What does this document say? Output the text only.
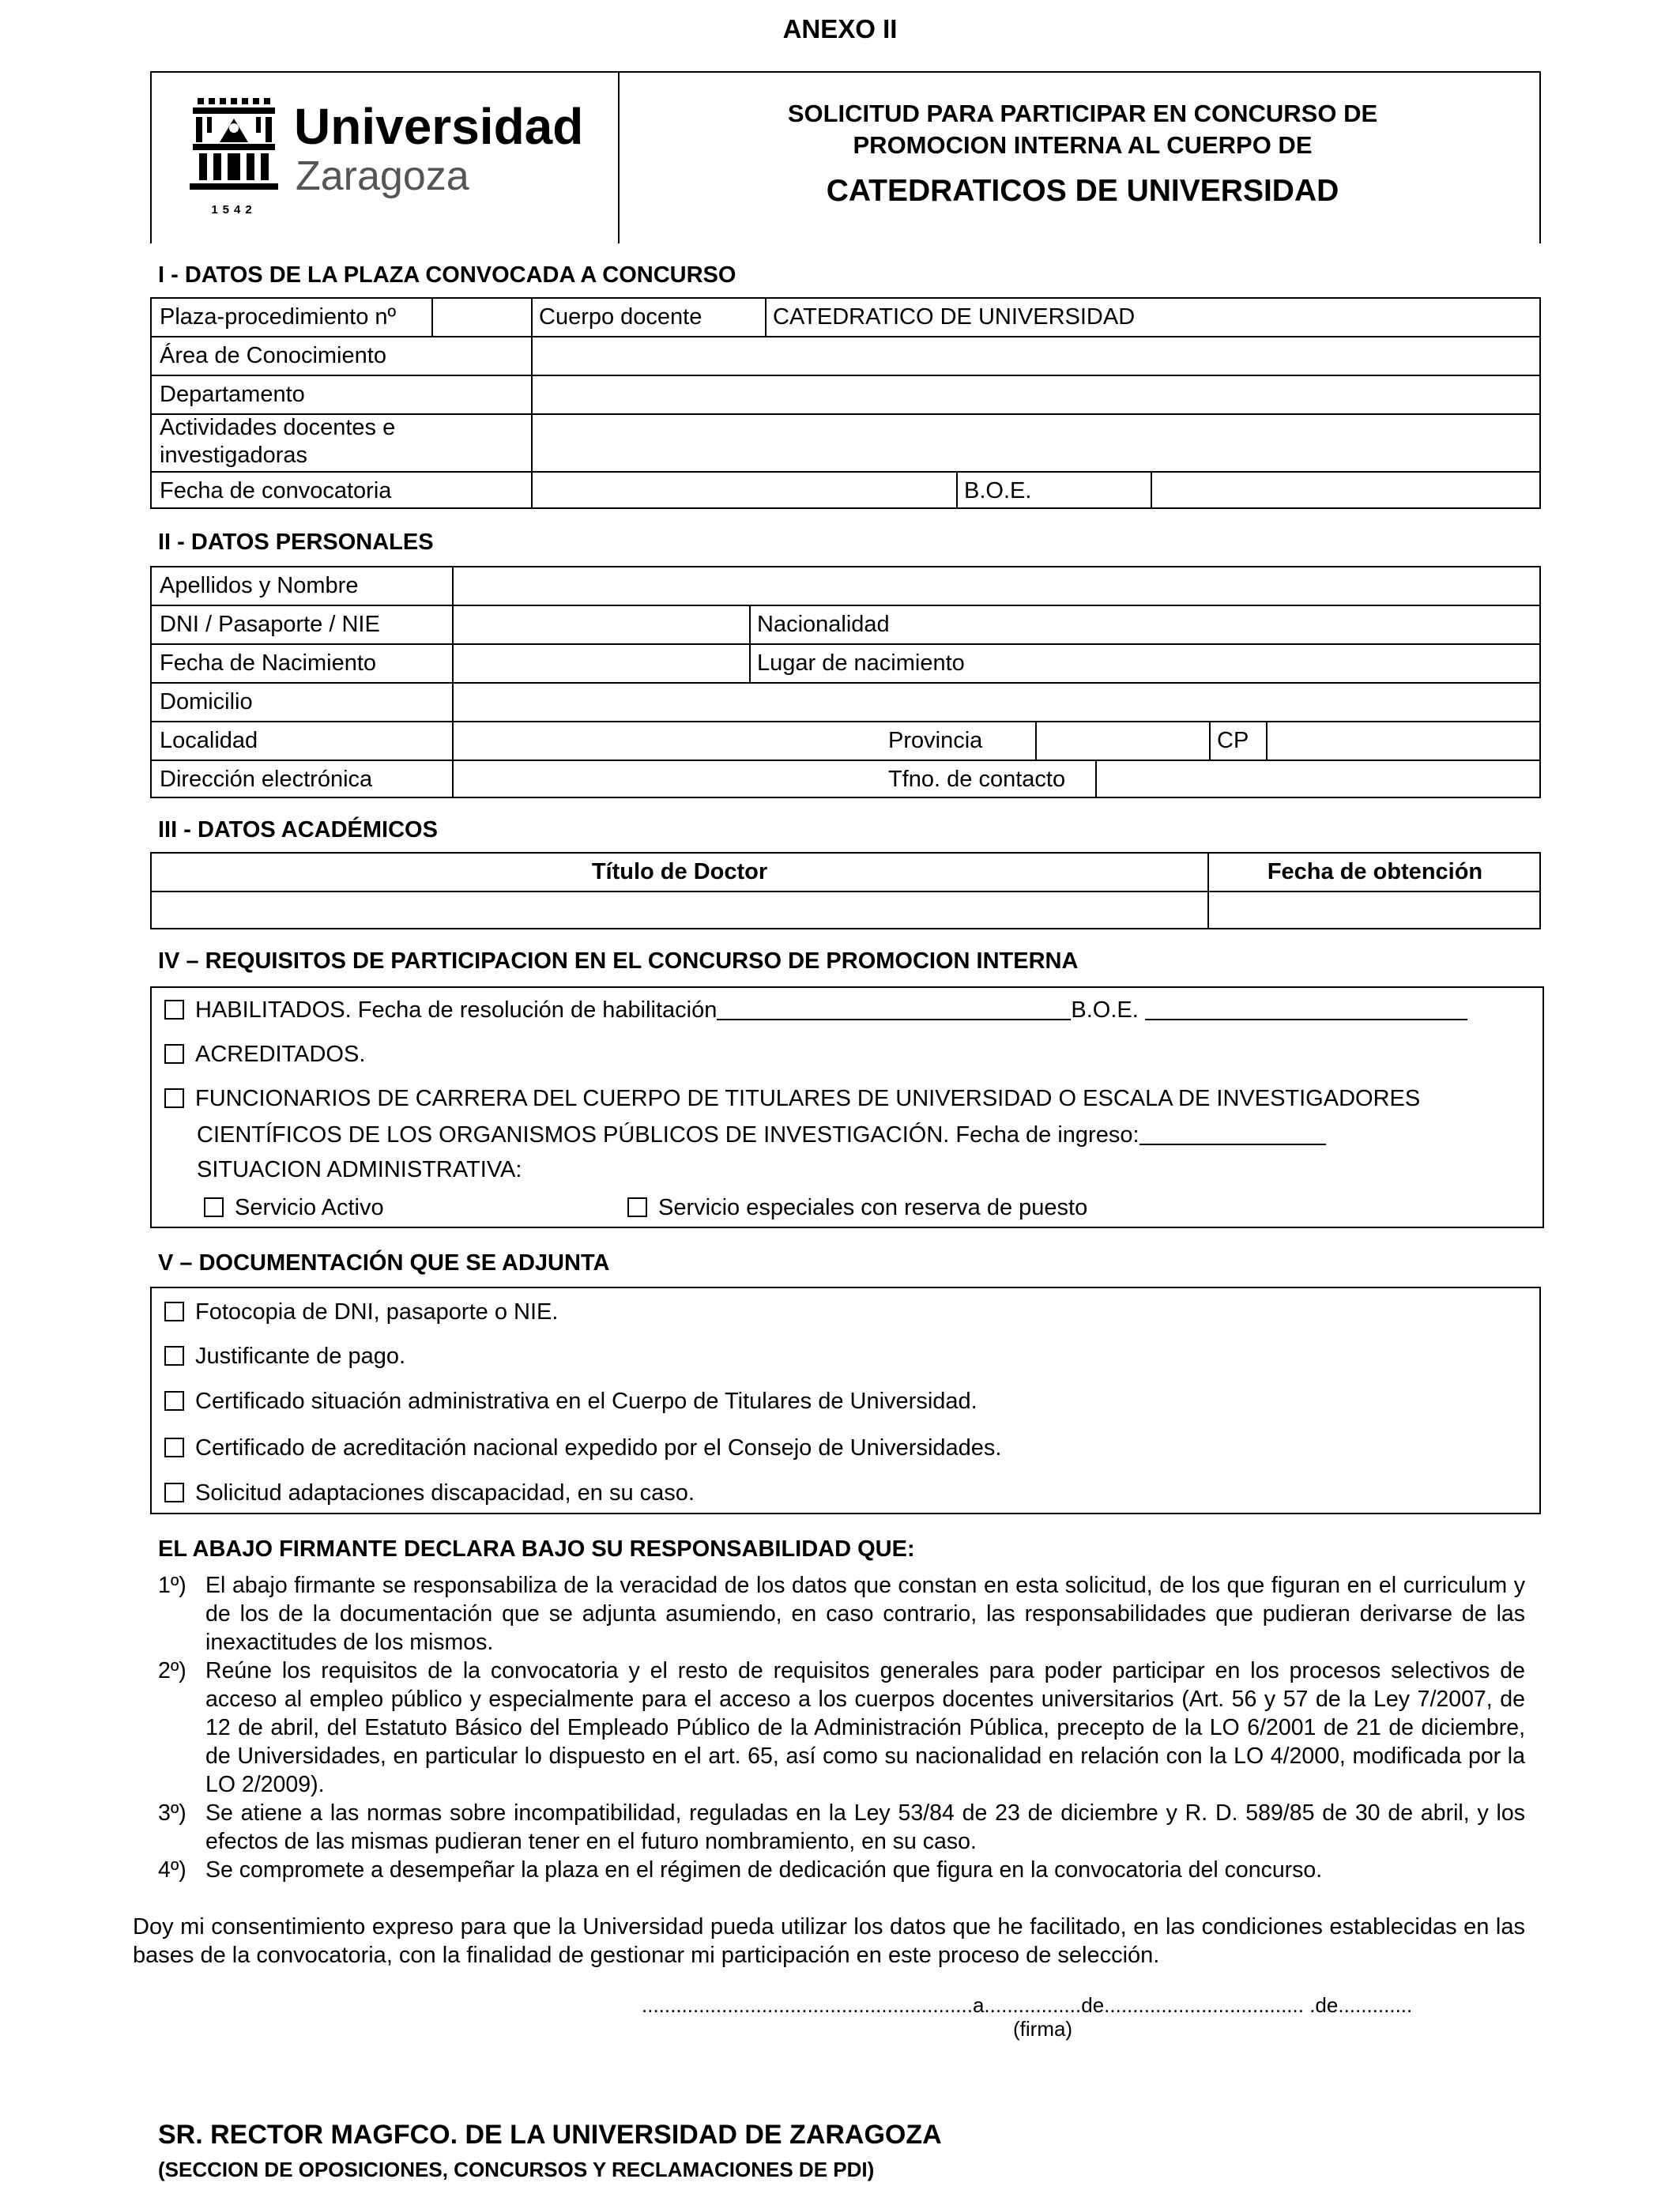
ANEXO II
1542
Universidad
Zaragoza
SOLICITUD PARA PARTICIPAR EN CONCURSO DE
PROMOCION INTERNA AL CUERPO DE
CATEDRATICOS DE UNIVERSIDAD
I - DATOS DE LA PLAZA CONVOCADA A CONCURSO
Plaza-procedimiento nº	Cuerpo docente	CATEDRATICO DE UNIVERSIDAD
Área de Conocimiento
Departamento
Actividades docentes e
investigadoras
Fecha de convocatoria	B.O.E.
II - DATOS PERSONALES
Apellidos y Nombre
DNI / Pasaporte / NIE	Nacionalidad
Fecha de Nacimiento	Lugar de nacimiento
Domicilio
Localidad	Provincia	CP
Dirección electrónica	Tfno. de contacto
III - DATOS ACADÉMICOS
Título de Doctor	Fecha de obtención
IV – REQUISITOS DE PARTICIPACION EN EL CONCURSO DE PROMOCION INTERNA
HABILITADOS. Fecha de resolución de habilitación	B.O.E.
ACREDITADOS.
FUNCIONARIOS DE CARRERA DEL CUERPO DE TITULARES DE UNIVERSIDAD O ESCALA DE INVESTIGADORES
CIENTÍFICOS DE LOS ORGANISMOS PÚBLICOS DE INVESTIGACIÓN. Fecha de ingreso:
SITUACION ADMINISTRATIVA:
Servicio Activo	Servicio especiales con reserva de puesto
V – DOCUMENTACIÓN QUE SE ADJUNTA
Fotocopia de DNI, pasaporte o NIE.
Justificante de pago.
Certificado situación administrativa en el Cuerpo de Titulares de Universidad.
Certificado de acreditación nacional expedido por el Consejo de Universidades.
Solicitud adaptaciones discapacidad, en su caso.
EL ABAJO FIRMANTE DECLARA BAJO SU RESPONSABILIDAD QUE:
1º) El abajo firmante se responsabiliza de la veracidad de los datos que constan en esta solicitud, de los que figuran en el curriculum y de los de la documentación que se adjunta asumiendo, en caso contrario, las responsabilidades que pudieran derivarse de las inexactitudes de los mismos.
2º) Reúne los requisitos de la convocatoria y el resto de requisitos generales para poder participar en los procesos selectivos de acceso al empleo público y especialmente para el acceso a los cuerpos docentes universitarios (Art. 56 y 57 de la Ley 7/2007, de 12 de abril, del Estatuto Básico del Empleado Público de la Administración Pública, precepto de la LO 6/2001 de 21 de diciembre, de Universidades, en particular lo dispuesto en el art. 65, así como su nacionalidad en relación con la LO 4/2000, modificada por la LO 2/2009).
3º) Se atiene a las normas sobre incompatibilidad, reguladas en la Ley 53/84 de 23 de diciembre y R. D. 589/85 de 30 de abril, y los efectos de las mismas pudieran tener en el futuro nombramiento, en su caso.
4º) Se compromete a desempeñar la plaza en el régimen de dedicación que figura en la convocatoria del concurso.
Doy mi consentimiento expreso para que la Universidad pueda utilizar los datos que he facilitado, en las condiciones establecidas en las bases de la convocatoria, con la finalidad de gestionar mi participación en este proceso de selección.
..........................................................a.................de................................... .de.............
(firma)
SR. RECTOR MAGFCO. DE LA UNIVERSIDAD DE ZARAGOZA
(SECCION DE OPOSICIONES, CONCURSOS Y RECLAMACIONES DE PDI)
